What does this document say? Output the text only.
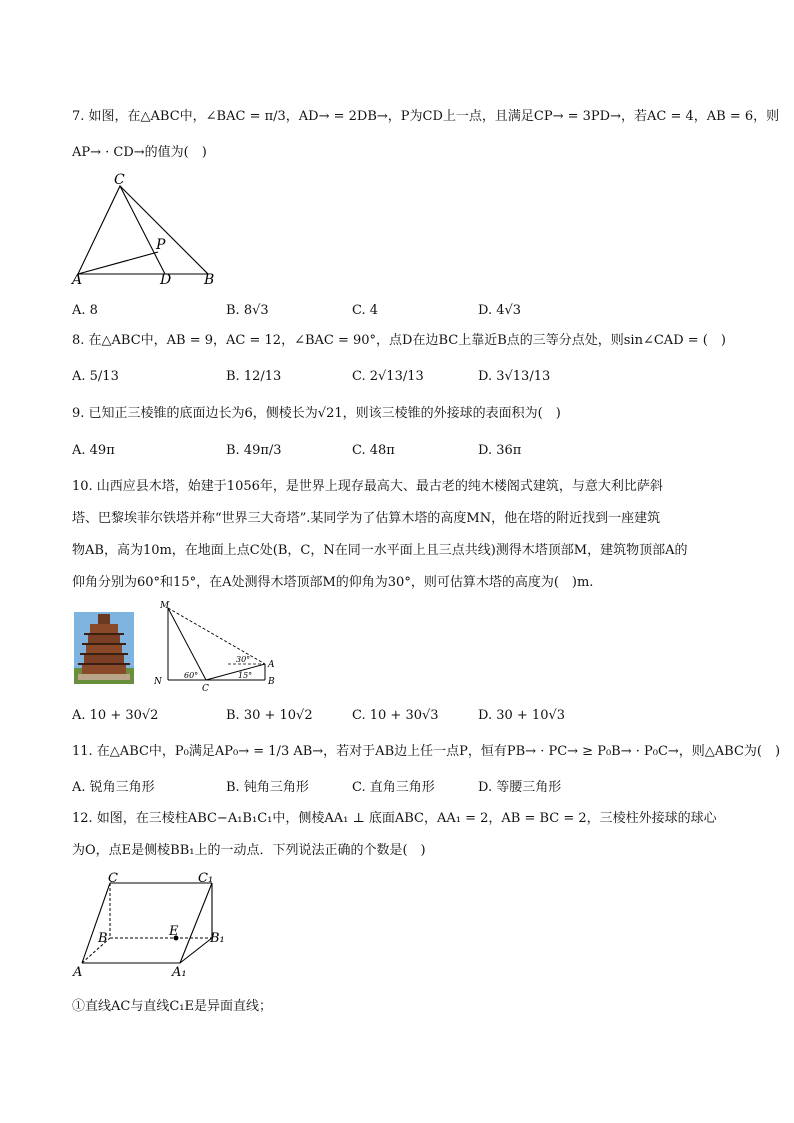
7. 如图，在△ABC中，∠BAC = π/3，AD→ = 2DB→，P为CD上一点，且满足CP→ = 3PD→，若AC = 4，AB = 6，则
AP→ · CD→的值为(　)
C
P
A	D B
A. 8	B. 8√3	C. 4	D. 4√3
8. 在△ABC中，AB = 9，AC = 12，∠BAC = 90°，点D在边BC上靠近B点的三等分点处，则sin∠CAD = (　)
A. 5/13	B. 12/13	C. 2√13/13	D. 3√13/13
9. 已知正三棱锥的底面边长为6，侧棱长为√21，则该三棱锥的外接球的表面积为(　)
A. 49π	B. 49π/3	C. 48π	D. 36π
10. 山西应县木塔，始建于1056年，是世界上现存最高大、最古老的纯木楼阁式建筑，与意大利比萨斜
塔、巴黎埃菲尔铁塔并称“世界三大奇塔”.某同学为了估算木塔的高度MN，他在塔的附近找到一座建筑
物AB，高为10m，在地面上点C处(B，C，N在同一水平面上且三点共线)测得木塔顶部M，建筑物顶部A的
仰角分别为60°和15°，在A处测得木塔顶部M的仰角为30°，则可估算木塔的高度为(　)m.
M
N
C
A
B
60°
30°
15°
A. 10 + 30√2	B. 30 + 10√2	C. 10 + 30√3	D. 30 + 10√3
11. 在△ABC中，P₀满足AP₀→ = 1/3 AB→，若对于AB边上任一点P，恒有PB→ · PC→ ≥ P₀B→ · P₀C→，则△ABC为(　)
A. 锐角三角形	B. 钝角三角形	C. 直角三角形	D. 等腰三角形
12. 如图，在三棱柱ABC−A₁B₁C₁中，侧棱AA₁ ⊥ 底面ABC，AA₁ = 2，AB = BC = 2，三棱柱外接球的球心
为O，点E是侧棱BB₁上的一动点．下列说法正确的个数是(　)
C	C₁
B	E B₁
A	A₁
①直线AC与直线C₁E是异面直线；
